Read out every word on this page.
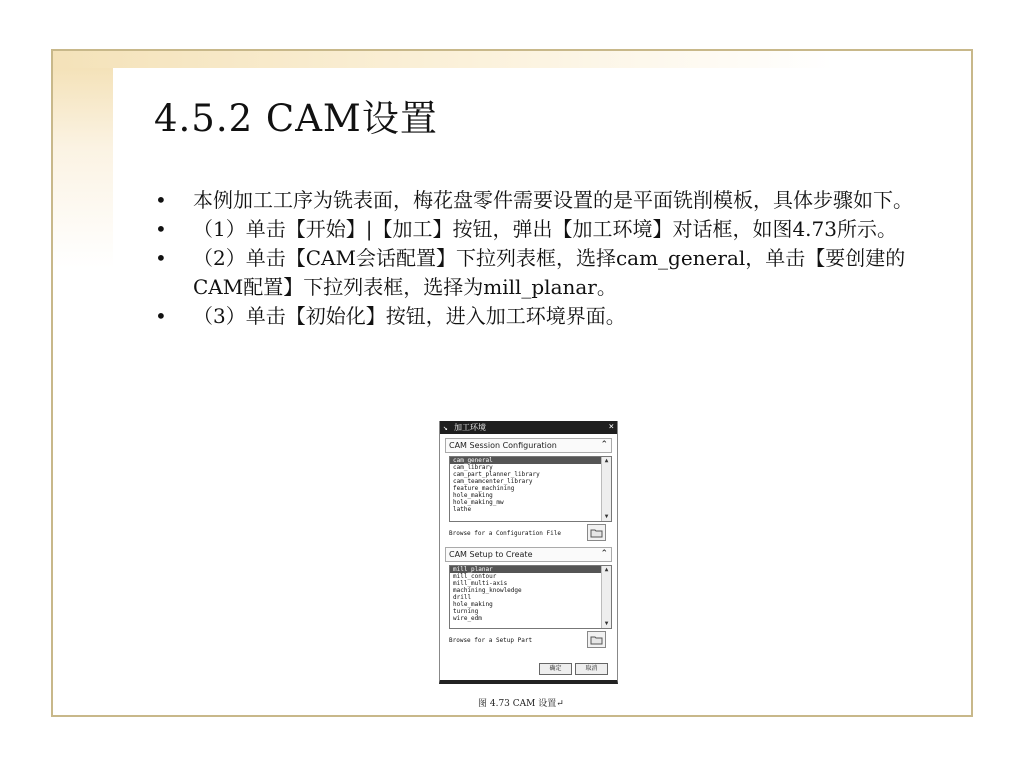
4.5.2 CAM设置
• 本例加工工序为铣表面，梅花盘零件需要设置的是平面铣削模板，具体步骤如下。
• （1）单击【开始】|【加工】按钮，弹出【加工环境】对话框，如图4.73所示。
• （2）单击【CAM会话配置】下拉列表框，选择cam_general，单击【要创建的CAM配置】下拉列表框，选择为mill_planar。
• （3）单击【初始化】按钮，进入加工环境界面。
↘ 加工环境	×
CAM Session Configuration	⌃
cam_general
cam_library
cam_part_planner_library
cam_teamcenter_library
feature_machining
hole_making
hole_making_mw
lathe
▲
▼
Browse for a Configuration File
CAM Setup to Create	⌃
mill_planar
mill_contour
mill_multi-axis
machining_knowledge
drill
hole_making
turning
wire_edm
▲
▼
Browse for a Setup Part
确定	取消
图 4.73 CAM 设置↵
